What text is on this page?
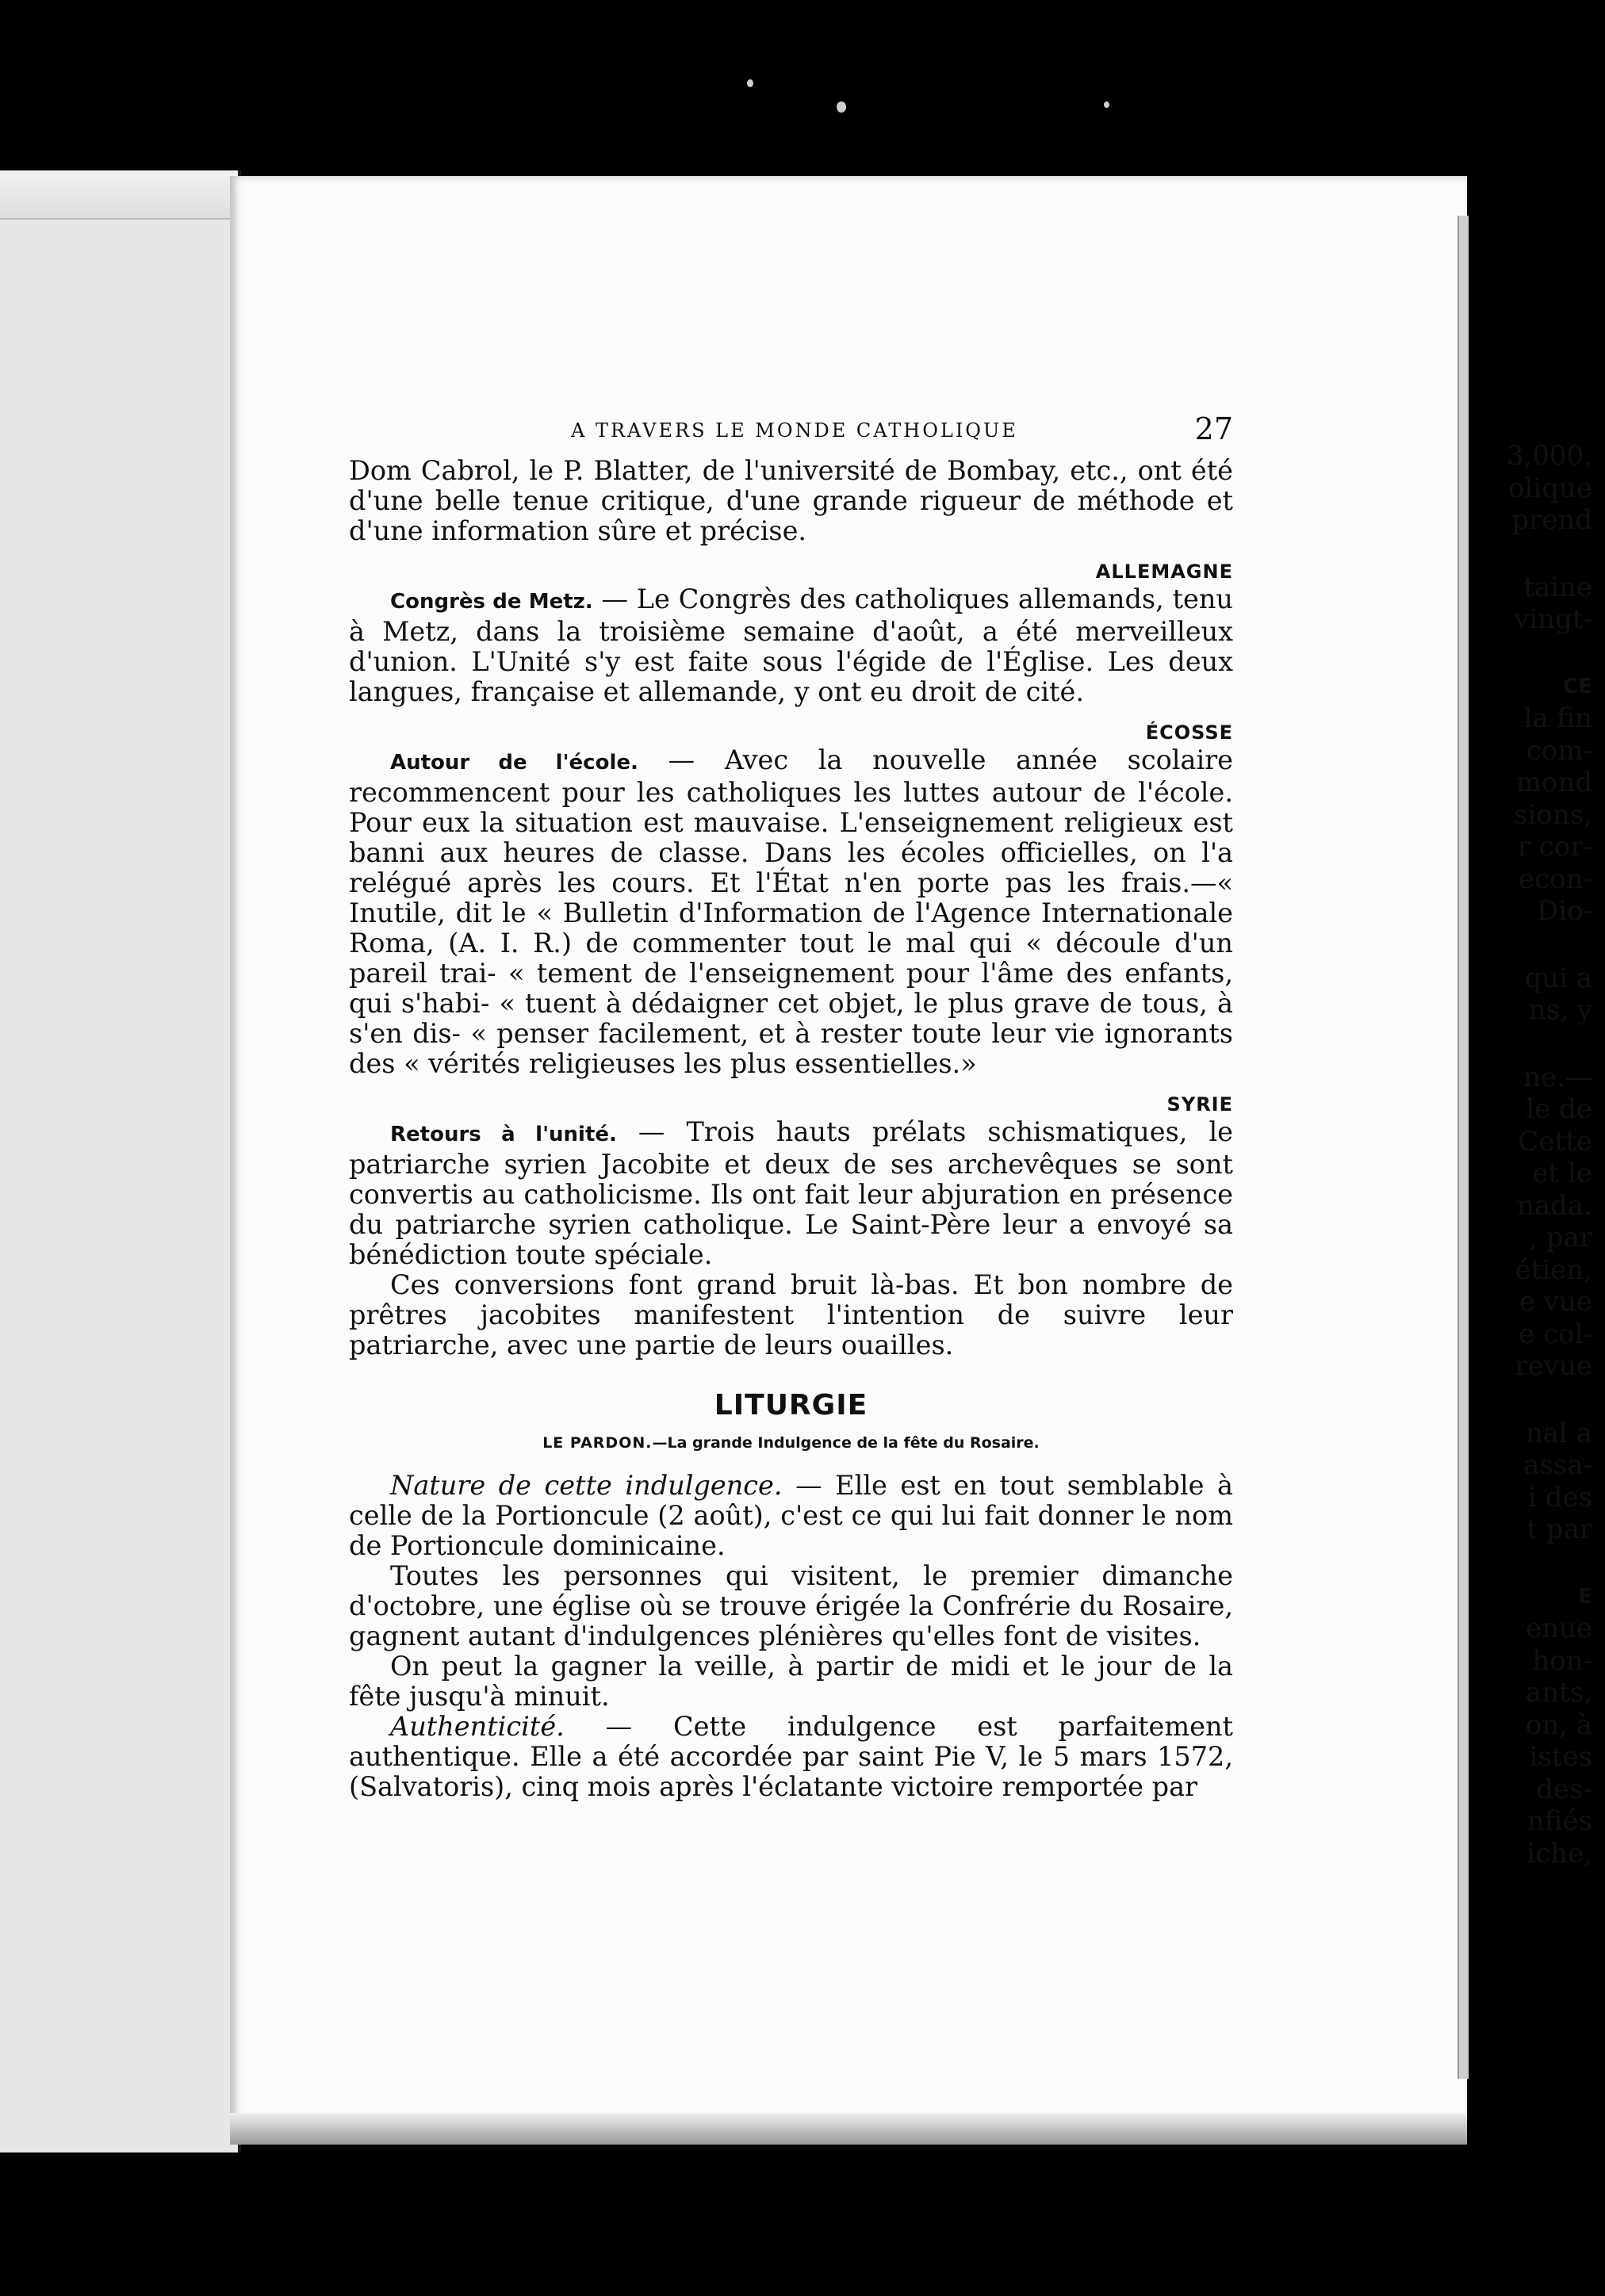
3,000.
olique
prend
taine
vingt-
CE
la fin
com-
mond
sions,
r cor-
econ-
Dio-
qui a
ns, y
ne.—
le de
Cette
et le
nada.
, par
étien,
e vue
e col-
revue
nal a
assa-
i des
t par
E
enue
hon-
ants,
on, à
istes
des-
nfiés
iche,
A TRAVERS LE MONDE CATHOLIQUE	27

Dom Cabrol, le P. Blatter, de l'université de Bombay, etc., ont été d'une belle tenue critique, d'une grande rigueur de méthode et d'une information sûre et précise.

ALLEMAGNE

Congrès de Metz. — Le Congrès des catholiques allemands, tenu à Metz, dans la troisième semaine d'août, a été merveilleux d'union. L'Unité s'y est faite sous l'égide de l'Église. Les deux langues, française et allemande, y ont eu droit de cité.

ÉCOSSE

Autour de l'école. — Avec la nouvelle année scolaire recommencent pour les catholiques les luttes autour de l'école. Pour eux la situation est mauvaise. L'enseignement religieux est banni aux heures de classe. Dans les écoles officielles, on l'a relégué après les cours. Et l'État n'en porte pas les frais.—« Inutile, dit le « Bulletin d'Information de l'Agence Internationale Roma, (A. I. R.) de commenter tout le mal qui « découle d'un pareil trai- « tement de l'enseignement pour l'âme des enfants, qui s'habi- « tuent à dédaigner cet objet, le plus grave de tous, à s'en dis- « penser facilement, et à rester toute leur vie ignorants des « vérités religieuses les plus essentielles.»

SYRIE

Retours à l'unité. — Trois hauts prélats schismatiques, le patriarche syrien Jacobite et deux de ses archevêques se sont convertis au catholicisme. Ils ont fait leur abjuration en présence du patriarche syrien catholique. Le Saint-Père leur a envoyé sa bénédiction toute spéciale.

Ces conversions font grand bruit là-bas. Et bon nombre de prêtres jacobites manifestent l'intention de suivre leur patriarche, avec une partie de leurs ouailles.

LITURGIE
LE PARDON.—La grande Indulgence de la fête du Rosaire.

Nature de cette indulgence. — Elle est en tout semblable à celle de la Portioncule (2 août), c'est ce qui lui fait donner le nom de Portioncule dominicaine.

Toutes les personnes qui visitent, le premier dimanche d'octobre, une église où se trouve érigée la Confrérie du Rosaire, gagnent autant d'indulgences plénières qu'elles font de visites.

On peut la gagner la veille, à partir de midi et le jour de la fête jusqu'à minuit.

Authenticité. — Cette indulgence est parfaitement authentique. Elle a été accordée par saint Pie V, le 5 mars 1572, (Salvatoris), cinq mois après l'éclatante victoire remportée par
